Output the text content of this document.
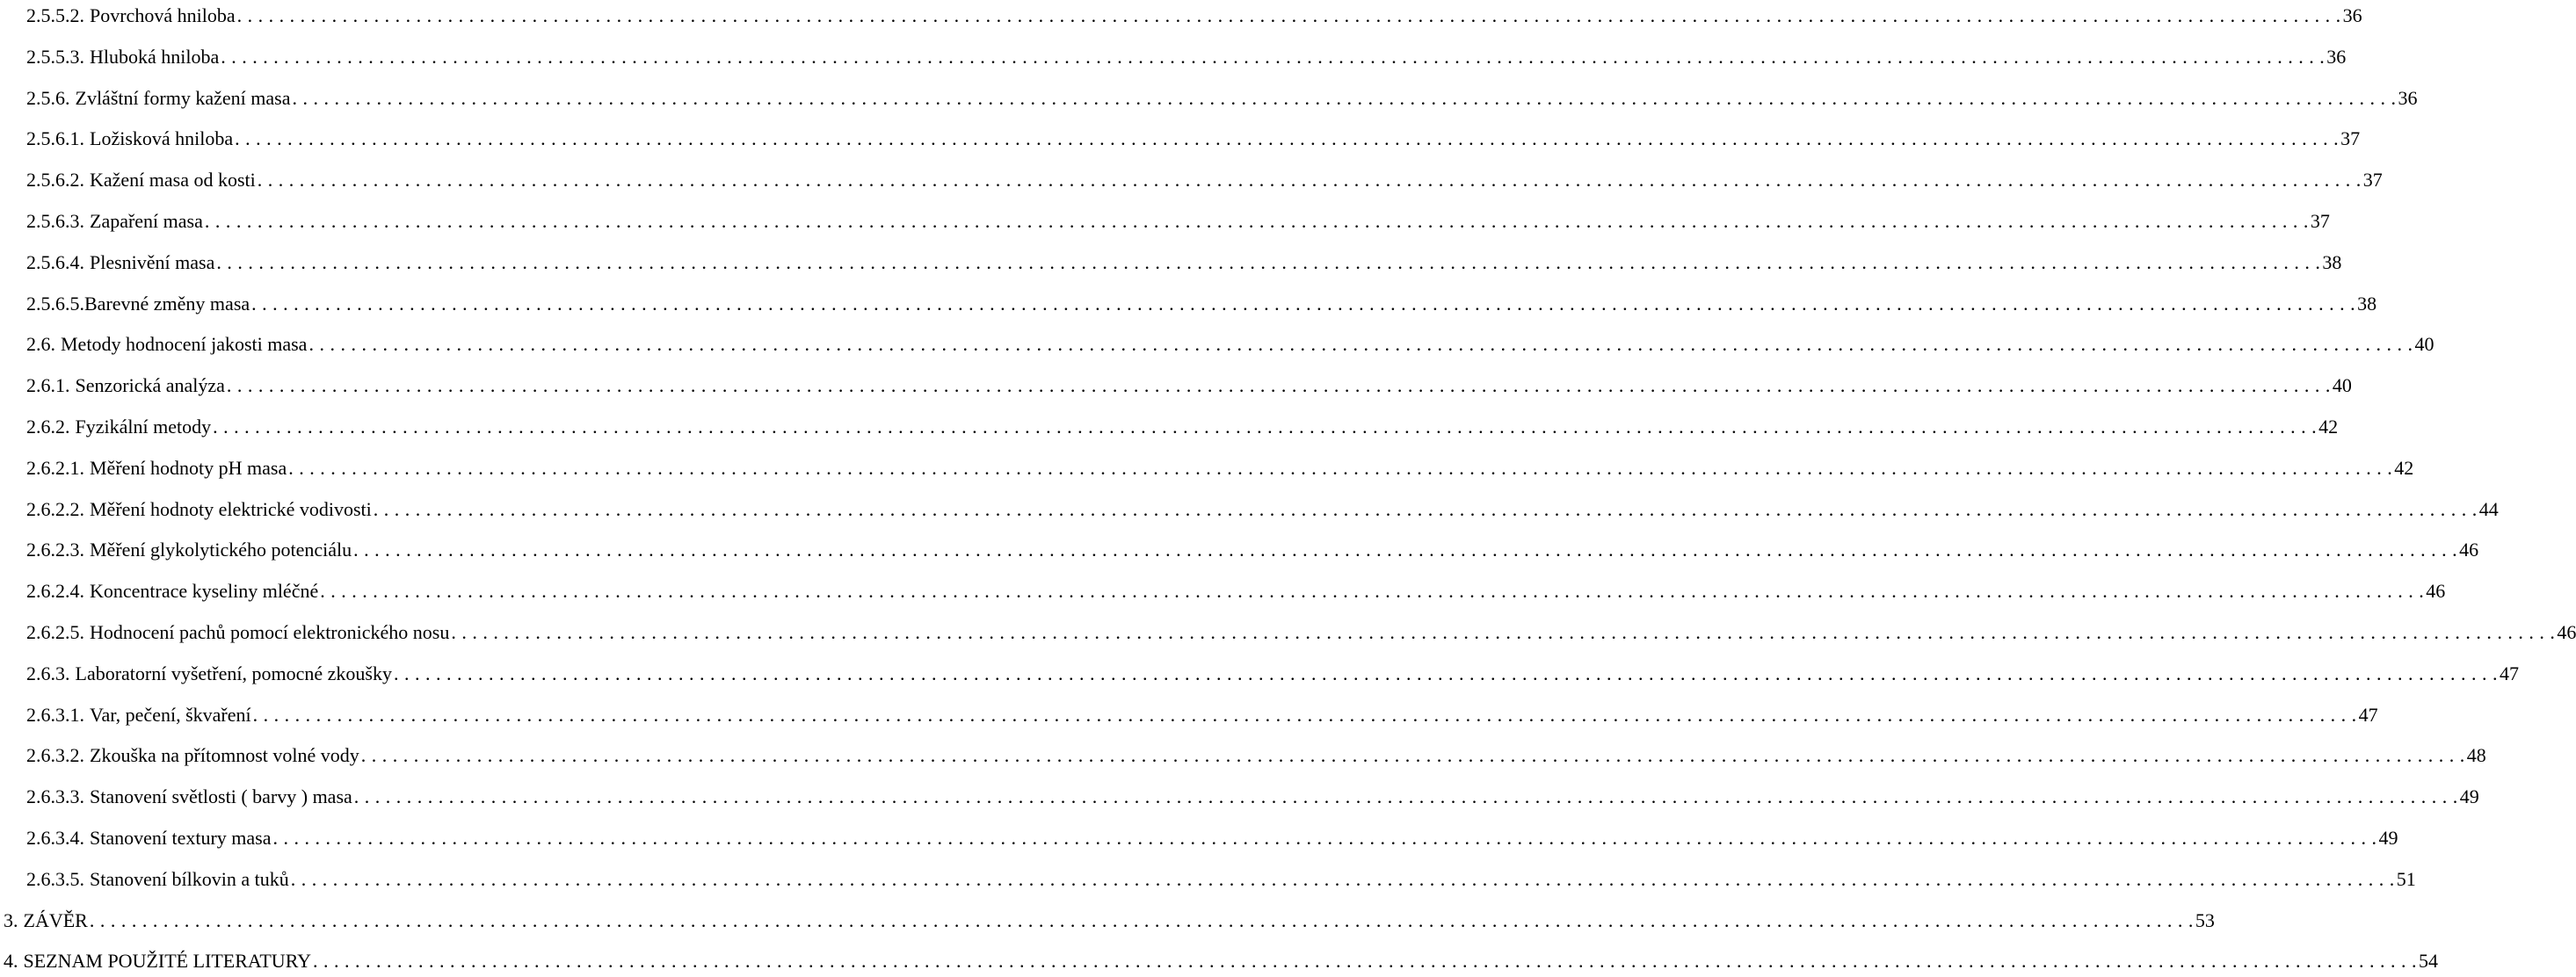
2.5.5.2. Povrchová hniloba . . . . . . . . . . . . . . . . . . . . . . . . . . . . . . . . . . . . . . . . . . . . . . . . . . . . . . . . . . . . . . . . . . . . . . . . . . . . . . . . . . . . . . . . . . . . . . . . . . . . . . . . . . . . . . . . . . . . . . . . . . . . . . . . . . . . . . . . . . . . . . . . . . . . . . . . . . . . . . . . . . . . . . . . . . . . . . . . . . . . . . . . . . . . . . . . . . . . . . . . 36
2.5.5.3. Hluboká hniloba . . . . . . . . . . . . . . . . . . . . . . . . . . . . . . . . . . . . . . . . . . . . . . . . . . . . . . . . . . . . . . . . . . . . . . . . . . . . . . . . . . . . . . . . . . . . . . . . . . . . . . . . . . . . . . . . . . . . . . . . . . . . . . . . . . . . . . . . . . . . . . . . . . . . . . . . . . . . . . . . . . . . . . . . . . . . . . . . . . . . . . . . . . . . . . . . . . . . . . . . 36
2.5.6. Zvláštní formy kažení masa . . . . . . . . . . . . . . . . . . . . . . . . . . . . . . . . . . . . . . . . . . . . . . . . . . . . . . . . . . . . . . . . . . . . . . . . . . . . . . . . . . . . . . . . . . . . . . . . . . . . . . . . . . . . . . . . . . . . . . . . . . . . . . . . . . . . . . . . . . . . . . . . . . . . . . . . . . . . . . . . . . . . . . . . . . . . . . . . . . . . . . . . . . . . . . . . . . . . . . . . 36
2.5.6.1. Ložisková hniloba . . . . . . . . . . . . . . . . . . . . . . . . . . . . . . . . . . . . . . . . . . . . . . . . . . . . . . . . . . . . . . . . . . . . . . . . . . . . . . . . . . . . . . . . . . . . . . . . . . . . . . . . . . . . . . . . . . . . . . . . . . . . . . . . . . . . . . . . . . . . . . . . . . . . . . . . . . . . . . . . . . . . . . . . . . . . . . . . . . . . . . . . . . . . . . . . . . . . . . . . 37
2.5.6.2. Kažení masa od kosti . . . . . . . . . . . . . . . . . . . . . . . . . . . . . . . . . . . . . . . . . . . . . . . . . . . . . . . . . . . . . . . . . . . . . . . . . . . . . . . . . . . . . . . . . . . . . . . . . . . . . . . . . . . . . . . . . . . . . . . . . . . . . . . . . . . . . . . . . . . . . . . . . . . . . . . . . . . . . . . . . . . . . . . . . . . . . . . . . . . . . . . . . . . . . . . . . . . . . . . . 37
2.5.6.3. Zapaření masa . . . . . . . . . . . . . . . . . . . . . . . . . . . . . . . . . . . . . . . . . . . . . . . . . . . . . . . . . . . . . . . . . . . . . . . . . . . . . . . . . . . . . . . . . . . . . . . . . . . . . . . . . . . . . . . . . . . . . . . . . . . . . . . . . . . . . . . . . . . . . . . . . . . . . . . . . . . . . . . . . . . . . . . . . . . . . . . . . . . . . . . . . . . . . . . . . . . . . . . . 37
2.5.6.4. Plesnivění masa . . . . . . . . . . . . . . . . . . . . . . . . . . . . . . . . . . . . . . . . . . . . . . . . . . . . . . . . . . . . . . . . . . . . . . . . . . . . . . . . . . . . . . . . . . . . . . . . . . . . . . . . . . . . . . . . . . . . . . . . . . . . . . . . . . . . . . . . . . . . . . . . . . . . . . . . . . . . . . . . . . . . . . . . . . . . . . . . . . . . . . . . . . . . . . . . . . . . . . . . 38
2.5.6.5. Barevné změny masa . . . . . . . . . . . . . . . . . . . . . . . . . . . . . . . . . . . . . . . . . . . . . . . . . . . . . . . . . . . . . . . . . . . . . . . . . . . . . . . . . . . . . . . . . . . . . . . . . . . . . . . . . . . . . . . . . . . . . . . . . . . . . . . . . . . . . . . . . . . . . . . . . . . . . . . . . . . . . . . . . . . . . . . . . . . . . . . . . . . . . . . . . . . . . . . . . . . . . . . . 38
2.6. Metody hodnocení jakosti masa . . . . . . . . . . . . . . . . . . . . . . . . . . . . . . . . . . . . . . . . . . . . . . . . . . . . . . . . . . . . . . . . . . . . . . . . . . . . . . . . . . . . . . . . . . . . . . . . . . . . . . . . . . . . . . . . . . . . . . . . . . . . . . . . . . . . . . . . . . . . . . . . . . . . . . . . . . . . . . . . . . . . . . . . . . . . . . . . . . . . . . . . . . . . . . . . . . . . . . . . 40
2.6.1. Senzorická analýza . . . . . . . . . . . . . . . . . . . . . . . . . . . . . . . . . . . . . . . . . . . . . . . . . . . . . . . . . . . . . . . . . . . . . . . . . . . . . . . . . . . . . . . . . . . . . . . . . . . . . . . . . . . . . . . . . . . . . . . . . . . . . . . . . . . . . . . . . . . . . . . . . . . . . . . . . . . . . . . . . . . . . . . . . . . . . . . . . . . . . . . . . . . . . . . . . . . . . . . . 40
2.6.2. Fyzikální metody . . . . . . . . . . . . . . . . . . . . . . . . . . . . . . . . . . . . . . . . . . . . . . . . . . . . . . . . . . . . . . . . . . . . . . . . . . . . . . . . . . . . . . . . . . . . . . . . . . . . . . . . . . . . . . . . . . . . . . . . . . . . . . . . . . . . . . . . . . . . . . . . . . . . . . . . . . . . . . . . . . . . . . . . . . . . . . . . . . . . . . . . . . . . . . . . . . . . . . . . 42
2.6.2.1. Měření hodnoty pH masa . . . . . . . . . . . . . . . . . . . . . . . . . . . . . . . . . . . . . . . . . . . . . . . . . . . . . . . . . . . . . . . . . . . . . . . . . . . . . . . . . . . . . . . . . . . . . . . . . . . . . . . . . . . . . . . . . . . . . . . . . . . . . . . . . . . . . . . . . . . . . . . . . . . . . . . . . . . . . . . . . . . . . . . . . . . . . . . . . . . . . . . . . . . . . . . . . . . . . . . . 42
2.6.2.2. Měření hodnoty elektrické vodivosti . . . . . . . . . . . . . . . . . . . . . . . . . . . . . . . . . . . . . . . . . . . . . . . . . . . . . . . . . . . . . . . . . . . . . . . . . . . . . . . . . . . . . . . . . . . . . . . . . . . . . . . . . . . . . . . . . . . . . . . . . . . . . . . . . . . . . . . . . . . . . . . . . . . . . . . . . . . . . . . . . . . . . . . . . . . . . . . . . . . . . . . . . . . . . . . . . . . . . . . . 44
2.6.2.3. Měření glykolytického potenciálu . . . . . . . . . . . . . . . . . . . . . . . . . . . . . . . . . . . . . . . . . . . . . . . . . . . . . . . . . . . . . . . . . . . . . . . . . . . . . . . . . . . . . . . . . . . . . . . . . . . . . . . . . . . . . . . . . . . . . . . . . . . . . . . . . . . . . . . . . . . . . . . . . . . . . . . . . . . . . . . . . . . . . . . . . . . . . . . . . . . . . . . . . . . . . . . . . . . . . . . . 46
2.6.2.4. Koncentrace kyseliny mléčné . . . . . . . . . . . . . . . . . . . . . . . . . . . . . . . . . . . . . . . . . . . . . . . . . . . . . . . . . . . . . . . . . . . . . . . . . . . . . . . . . . . . . . . . . . . . . . . . . . . . . . . . . . . . . . . . . . . . . . . . . . . . . . . . . . . . . . . . . . . . . . . . . . . . . . . . . . . . . . . . . . . . . . . . . . . . . . . . . . . . . . . . . . . . . . . . . . . . . . . . 46
2.6.2.5. Hodnocení pachů pomocí elektronického nosu . . . . . . . . . . . . . . . . . . . . . . . . . . . . . . . . . . . . . . . . . . . . . . . . . . . . . . . . . . . . . . . . . . . . . . . . . . . . . . . . . . . . . . . . . . . . . . . . . . . . . . . . . . . . . . . . . . . . . . . . . . . . . . . . . . . . . . . . . . . . . . . . . . . . . . . . . . . . . . . . . . . . . . . . . . . . . . . . . . . . . . . . . . . . . . . . . . . . . . . . 46
2.6.3. Laboratorní vyšetření, pomocné zkoušky . . . . . . . . . . . . . . . . . . . . . . . . . . . . . . . . . . . . . . . . . . . . . . . . . . . . . . . . . . . . . . . . . . . . . . . . . . . . . . . . . . . . . . . . . . . . . . . . . . . . . . . . . . . . . . . . . . . . . . . . . . . . . . . . . . . . . . . . . . . . . . . . . . . . . . . . . . . . . . . . . . . . . . . . . . . . . . . . . . . . . . . . . . . . . . . . . . . . . . . . 47
2.6.3.1. Var, pečení, škvaření . . . . . . . . . . . . . . . . . . . . . . . . . . . . . . . . . . . . . . . . . . . . . . . . . . . . . . . . . . . . . . . . . . . . . . . . . . . . . . . . . . . . . . . . . . . . . . . . . . . . . . . . . . . . . . . . . . . . . . . . . . . . . . . . . . . . . . . . . . . . . . . . . . . . . . . . . . . . . . . . . . . . . . . . . . . . . . . . . . . . . . . . . . . . . . . . . . . . . . . . 47
2.6.3.2. Zkouška na přítomnost volné vody . . . . . . . . . . . . . . . . . . . . . . . . . . . . . . . . . . . . . . . . . . . . . . . . . . . . . . . . . . . . . . . . . . . . . . . . . . . . . . . . . . . . . . . . . . . . . . . . . . . . . . . . . . . . . . . . . . . . . . . . . . . . . . . . . . . . . . . . . . . . . . . . . . . . . . . . . . . . . . . . . . . . . . . . . . . . . . . . . . . . . . . . . . . . . . . . . . . . . . . . 48
2.6.3.3. Stanovení světlosti ( barvy ) masa . . . . . . . . . . . . . . . . . . . . . . . . . . . . . . . . . . . . . . . . . . . . . . . . . . . . . . . . . . . . . . . . . . . . . . . . . . . . . . . . . . . . . . . . . . . . . . . . . . . . . . . . . . . . . . . . . . . . . . . . . . . . . . . . . . . . . . . . . . . . . . . . . . . . . . . . . . . . . . . . . . . . . . . . . . . . . . . . . . . . . . . . . . . . . . . . . . . . . . . . 49
2.6.3.4. Stanovení textury masa . . . . . . . . . . . . . . . . . . . . . . . . . . . . . . . . . . . . . . . . . . . . . . . . . . . . . . . . . . . . . . . . . . . . . . . . . . . . . . . . . . . . . . . . . . . . . . . . . . . . . . . . . . . . . . . . . . . . . . . . . . . . . . . . . . . . . . . . . . . . . . . . . . . . . . . . . . . . . . . . . . . . . . . . . . . . . . . . . . . . . . . . . . . . . . . . . . . . . . . . 49
2.6.3.5. Stanovení bílkovin a tuků . . . . . . . . . . . . . . . . . . . . . . . . . . . . . . . . . . . . . . . . . . . . . . . . . . . . . . . . . . . . . . . . . . . . . . . . . . . . . . . . . . . . . . . . . . . . . . . . . . . . . . . . . . . . . . . . . . . . . . . . . . . . . . . . . . . . . . . . . . . . . . . . . . . . . . . . . . . . . . . . . . . . . . . . . . . . . . . . . . . . . . . . . . . . . . . . . . . . . . . . 51
3. ZÁVĚR . . . . . . . . . . . . . . . . . . . . . . . . . . . . . . . . . . . . . . . . . . . . . . . . . . . . . . . . . . . . . . . . . . . . . . . . . . . . . . . . . . . . . . . . . . . . . . . . . . . . . . . . . . . . . . . . . . . . . . . . . . . . . . . . . . . . . . . . . . . . . . . . . . . . . . . . . . . . . . . . . . . . . . . . . . . . . . . . . . . . . . . . . . . . . . . . . . . . . . . . 53
4. SEZNAM POUŽITÉ LITERATURY . . . . . . . . . . . . . . . . . . . . . . . . . . . . . . . . . . . . . . . . . . . . . . . . . . . . . . . . . . . . . . . . . . . . . . . . . . . . . . . . . . . . . . . . . . . . . . . . . . . . . . . . . . . . . . . . . . . . . . . . . . . . . . . . . . . . . . . . . . . . . . . . . . . . . . . . . . . . . . . . . . . . . . . . . . . . . . . . . . . . . . . . . . . . . . . . . . . . . . . . 54
